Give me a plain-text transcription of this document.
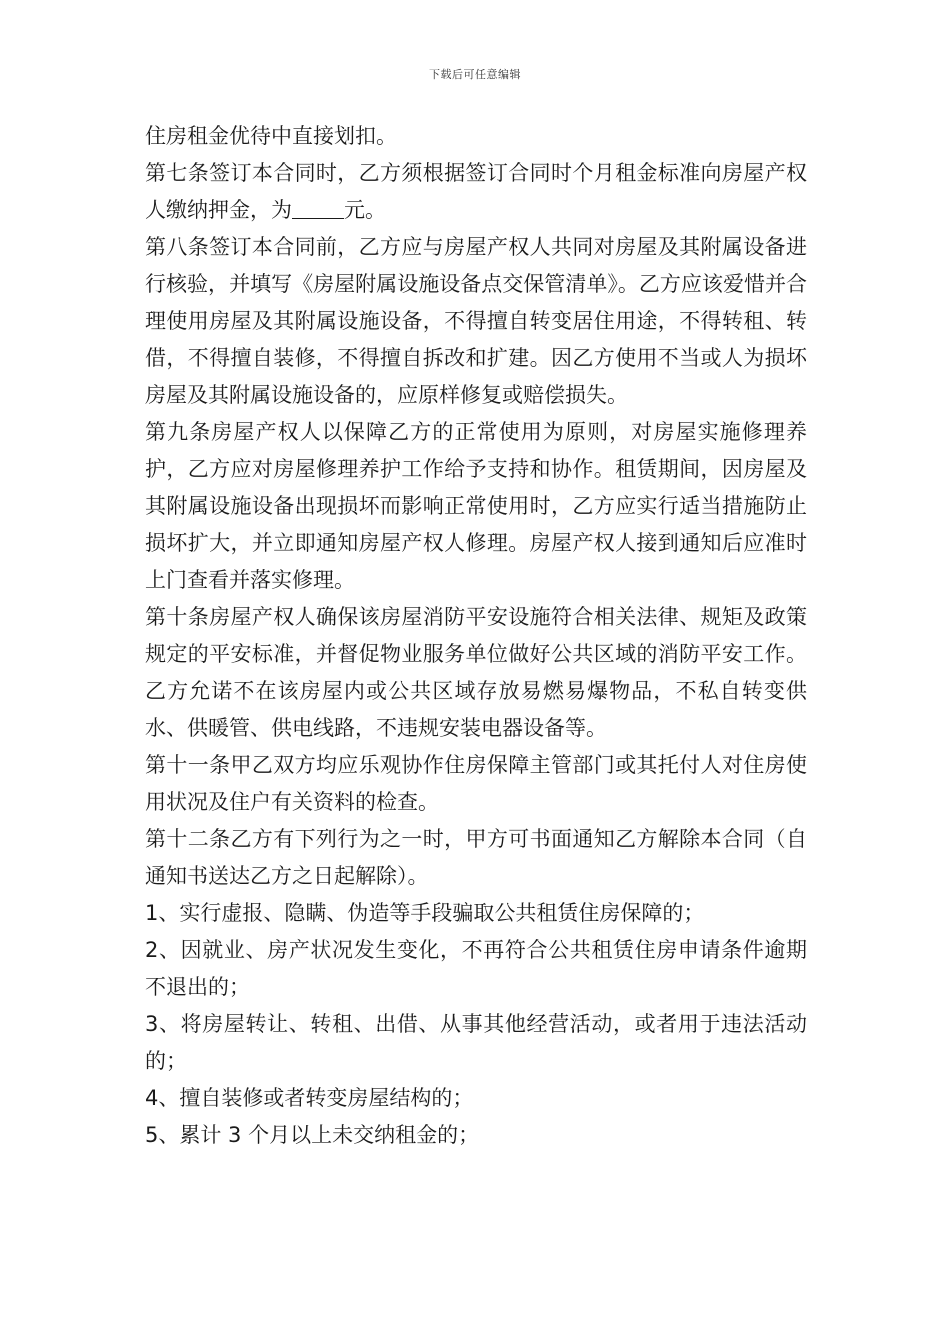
下载后可任意编辑

住房租金优待中直接划扣。

第七条签订本合同时，乙方须根据签订合同时个月租金标准向房屋产权人缴纳押金，为 元。

第八条签订本合同前，乙方应与房屋产权人共同对房屋及其附属设备进行核验，并填写《房屋附属设施设备点交保管清单》。乙方应该爱惜并合理使用房屋及其附属设施设备，不得擅自转变居住用途，不得转租、转借，不得擅自装修，不得擅自拆改和扩建。因乙方使用不当或人为损坏房屋及其附属设施设备的，应原样修复或赔偿损失。

第九条房屋产权人以保障乙方的正常使用为原则，对房屋实施修理养护，乙方应对房屋修理养护工作给予支持和协作。租赁期间，因房屋及其附属设施设备出现损坏而影响正常使用时，乙方应实行适当措施防止损坏扩大，并立即通知房屋产权人修理。房屋产权人接到通知后应准时上门查看并落实修理。

第十条房屋产权人确保该房屋消防平安设施符合相关法律、规矩及政策规定的平安标准，并督促物业服务单位做好公共区域的消防平安工作。乙方允诺不在该房屋内或公共区域存放易燃易爆物品，不私自转变供水、供暖管、供电线路，不违规安装电器设备等。

第十一条甲乙双方均应乐观协作住房保障主管部门或其托付人对住房使用状况及住户有关资料的检查。

第十二条乙方有下列行为之一时，甲方可书面通知乙方解除本合同（自通知书送达乙方之日起解除）。

1、实行虚报、隐瞒、伪造等手段骗取公共租赁住房保障的；

2、因就业、房产状况发生变化，不再符合公共租赁住房申请条件逾期不退出的；

3、将房屋转让、转租、出借、从事其他经营活动，或者用于违法活动的；

4、擅自装修或者转变房屋结构的；

5、累计 3 个月以上未交纳租金的；
